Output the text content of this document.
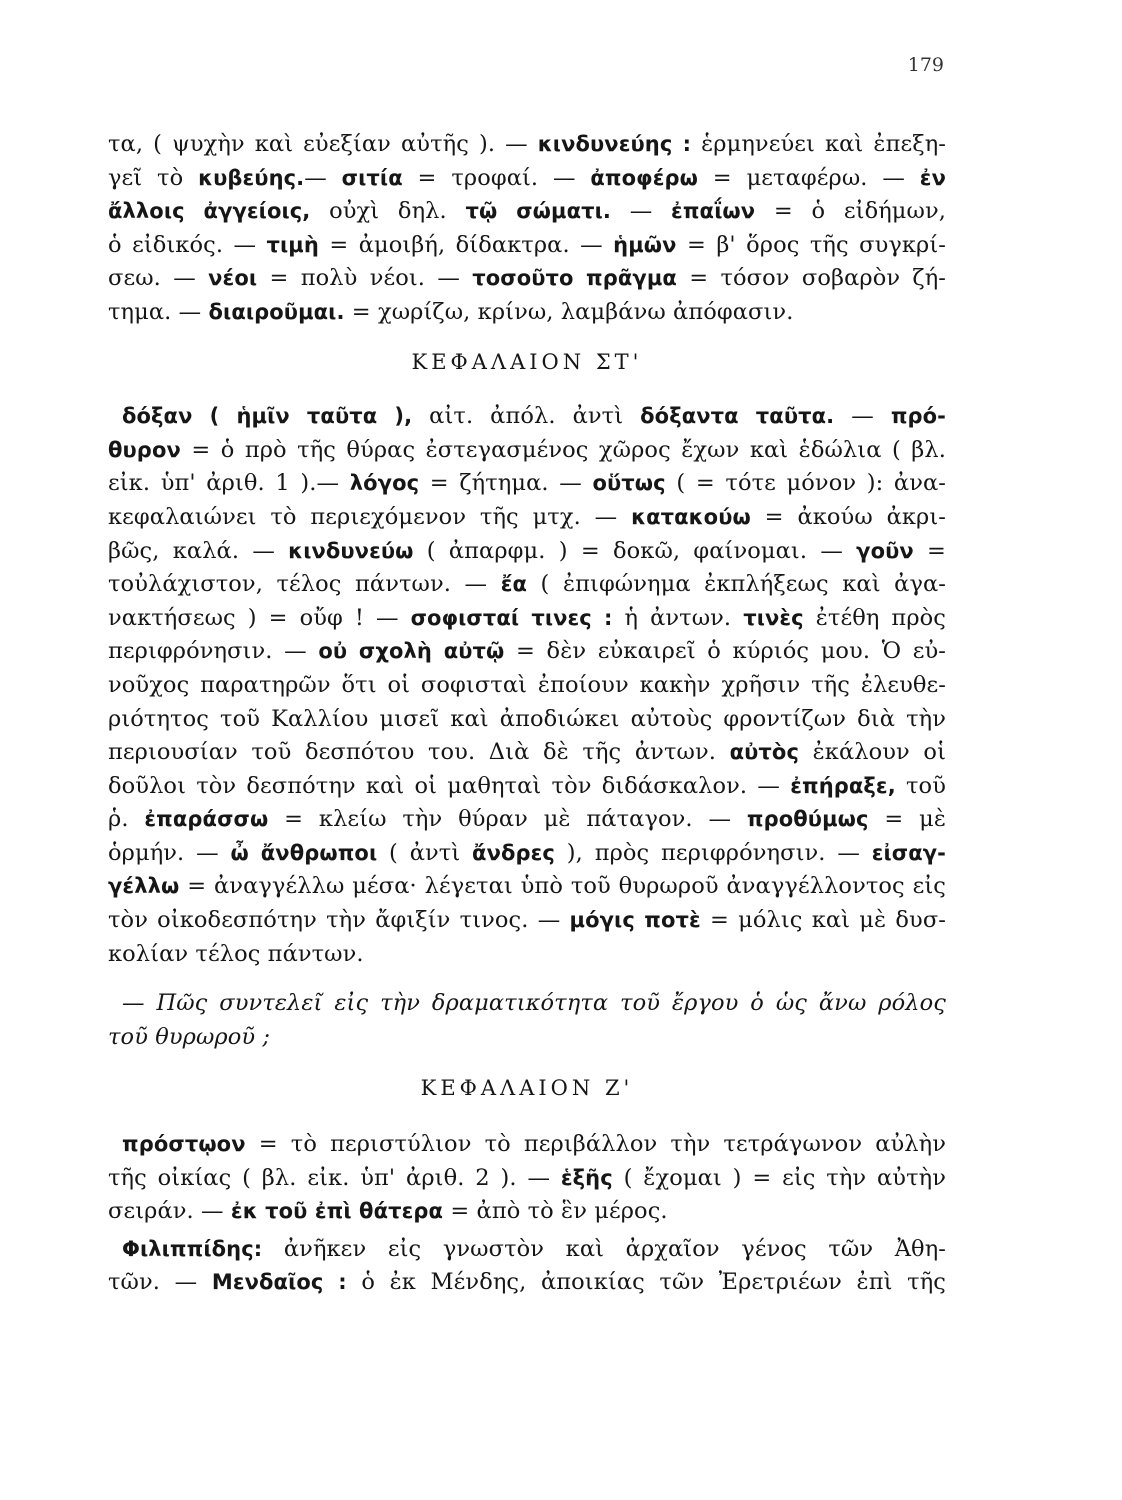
179
τα, ( ψυχὴν καὶ εὐεξίαν αὐτῆς ). — κινδυνεύης : ἑρμηνεύει καὶ ἐπεξη-
γεῖ τὸ κυβεύης.— σιτία = τροφαί. — ἀποφέρω = μεταφέρω. — ἐν
ἄλλοις ἀγγείοις, οὐχὶ δηλ. τῷ σώματι. — ἐπαΐων = ὁ εἰδήμων,
ὁ εἰδικός. — τιμὴ = ἀμοιβή, δίδακτρα. — ἡμῶν = β' ὅρος τῆς συγκρί-
σεω. — νέοι = πολὺ νέοι. — τοσοῦτο πρᾶγμα = τόσον σοβαρὸν ζή-
τημα. — διαιροῦμαι. = χωρίζω, κρίνω, λαμβάνω ἀπόφασιν.
ΚΕΦΑΛΑΙΟΝ ΣΤ'
δόξαν ( ἡμῖν ταῦτα ), αἰτ. ἀπόλ. ἀντὶ δόξαντα ταῦτα. — πρό-
θυρον = ὁ πρὸ τῆς θύρας ἐστεγασμένος χῶρος ἔχων καὶ ἑδώλια ( βλ.
εἰκ. ὑπ' ἀριθ. 1 ).— λόγος = ζήτημα. — οὕτως ( = τότε μόνον ): ἀνα-
κεφαλαιώνει τὸ περιεχόμενον τῆς μτχ. — κατακούω = ἀκούω ἀκρι-
βῶς, καλά. — κινδυνεύω ( ἀπαρφμ. ) = δοκῶ, φαίνομαι. — γοῦν =
τοὐλάχιστον, τέλος πάντων. — ἔα ( ἐπιφώνημα ἐκπλήξεως καὶ ἀγα-
νακτήσεως ) = οὔφ ! — σοφισταί τινες : ἡ ἀντων. τινὲς ἐτέθη πρὸς
περιφρόνησιν. — οὐ σχολὴ αὐτῷ = δὲν εὐκαιρεῖ ὁ κύριός μου. Ὁ εὐ-
νοῦχος παρατηρῶν ὅτι οἱ σοφισταὶ ἐποίουν κακὴν χρῆσιν τῆς ἐλευθε-
ριότητος τοῦ Καλλίου μισεῖ καὶ ἀποδιώκει αὐτοὺς φροντίζων διὰ τὴν
περιουσίαν τοῦ δεσπότου του. Διὰ δὲ τῆς ἀντων. αὐτὸς ἐκάλουν οἱ
δοῦλοι τὸν δεσπότην καὶ οἱ μαθηταὶ τὸν διδάσκαλον. — ἐπήραξε, τοῦ
ῥ. ἐπαράσσω = κλείω τὴν θύραν μὲ πάταγον. — προθύμως = μὲ
ὁρμήν. — ὦ ἄνθρωποι ( ἀντὶ ἄνδρες ), πρὸς περιφρόνησιν. — εἰσαγ-
γέλλω = ἀναγγέλλω μέσα· λέγεται ὑπὸ τοῦ θυρωροῦ ἀναγγέλλοντος εἰς
τὸν οἰκοδεσπότην τὴν ἄφιξίν τινος. — μόγις ποτὲ = μόλις καὶ μὲ δυσ-
κολίαν τέλος πάντων.
— Πῶς συντελεῖ εἰς τὴν δραματικότητα τοῦ ἔργου ὁ ὡς ἄνω ρόλος
τοῦ θυρωροῦ ;
ΚΕΦΑΛΑΙΟΝ Ζ'
πρόστῳον = τὸ περιστύλιον τὸ περιβάλλον τὴν τετράγωνον αὐλὴν
τῆς οἰκίας ( βλ. εἰκ. ὑπ' ἀριθ. 2 ). — ἑξῆς ( ἔχομαι ) = εἰς τὴν αὐτὴν
σειράν. — ἐκ τοῦ ἐπὶ θάτερα = ἀπὸ τὸ ἓν μέρος.
Φιλιππίδης: ἀνῆκεν εἰς γνωστὸν καὶ ἀρχαῖον γένος τῶν Ἀθη-
τῶν. — Μενδαῖος : ὁ ἐκ Μένδης, ἀποικίας τῶν Ἐρετριέων ἐπὶ τῆς
